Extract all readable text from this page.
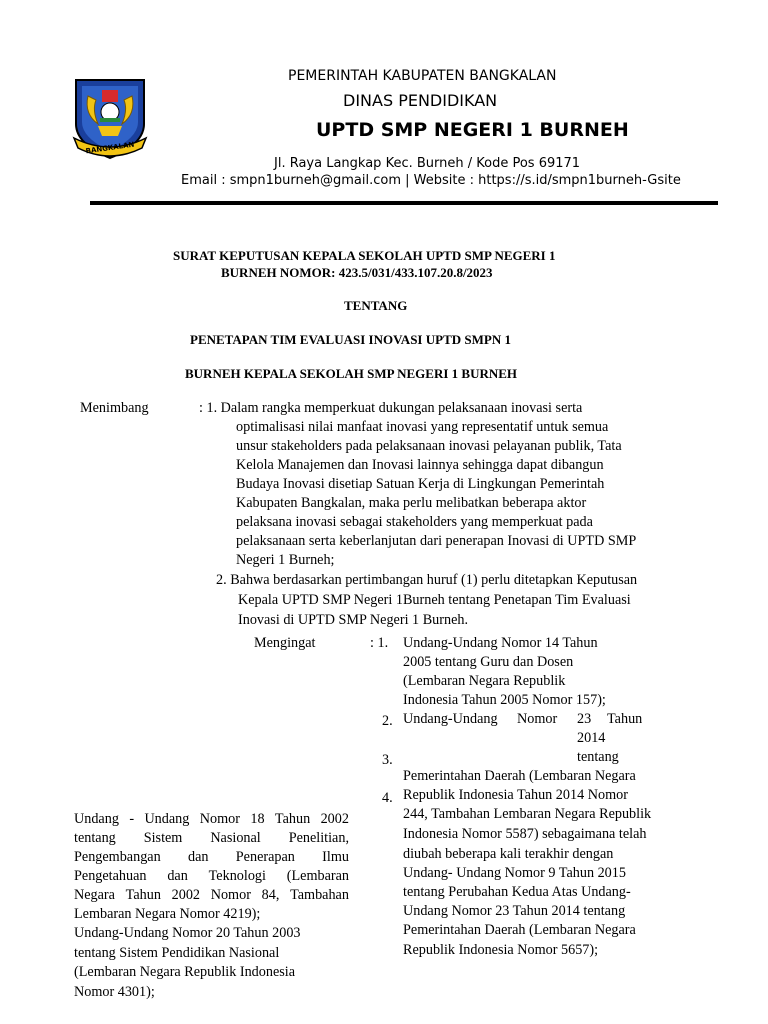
BANGKALAN
PEMERINTAH KABUPATEN BANGKALAN
DINAS PENDIDIKAN
UPTD SMP NEGERI 1 BURNEH
Jl. Raya Langkap Kec. Burneh / Kode Pos 69171
Email : smpn1burneh@gmail.com | Website : https://s.id/smpn1burneh-Gsite
SURAT KEPUTUSAN KEPALA SEKOLAH UPTD SMP NEGERI 1
BURNEH NOMOR: 423.5/031/433.107.20.8/2023
TENTANG
PENETAPAN TIM EVALUASI INOVASI UPTD SMPN 1
BURNEH KEPALA SEKOLAH SMP NEGERI 1 BURNEH
Menimbang	: 1. Dalam rangka memperkuat dukungan pelaksanaan inovasi serta
optimalisasi nilai manfaat inovasi yang representatif untuk semua
unsur stakeholders pada pelaksanaan inovasi pelayanan publik, Tata
Kelola Manajemen dan Inovasi lainnya sehingga dapat dibangun
Budaya Inovasi disetiap Satuan Kerja di Lingkungan Pemerintah
Kabupaten Bangkalan, maka perlu melibatkan beberapa aktor
pelaksana inovasi sebagai stakeholders yang memperkuat pada
pelaksanaan serta keberlanjutan dari penerapan Inovasi di UPTD SMP
Negeri 1 Burneh;
2. Bahwa berdasarkan pertimbangan huruf (1) perlu ditetapkan Keputusan
Kepala UPTD SMP Negeri 1Burneh tentang Penetapan Tim Evaluasi
Inovasi di UPTD SMP Negeri 1 Burneh.
Mengingat	: 1. Undang-Undang Nomor 14 Tahun
2005 tentang Guru dan Dosen
(Lembaran Negara Republik
Indonesia Tahun 2005 Nomor 157);
2. Undang-Undang Nomor 23 Tahun
2014
3.	tentang
Pemerintahan Daerah (Lembaran Negara
4. Republik Indonesia Tahun 2014 Nomor
244, Tambahan Lembaran Negara Republik
Indonesia Nomor 5587) sebagaimana telah
diubah beberapa kali terakhir dengan
Undang- Undang Nomor 9 Tahun 2015
tentang Perubahan Kedua Atas Undang-
Undang Nomor 23 Tahun 2014 tentang
Pemerintahan Daerah (Lembaran Negara
Republik Indonesia Nomor 5657);
Undang - Undang Nomor 18 Tahun 2002
tentang Sistem Nasional Penelitian,
Pengembangan dan Penerapan Ilmu
Pengetahuan dan Teknologi (Lembaran
Negara Tahun 2002 Nomor 84, Tambahan
Lembaran Negara Nomor 4219);
Undang-Undang Nomor 20 Tahun 2003
tentang Sistem Pendidikan Nasional
(Lembaran Negara Republik Indonesia
Nomor 4301);
